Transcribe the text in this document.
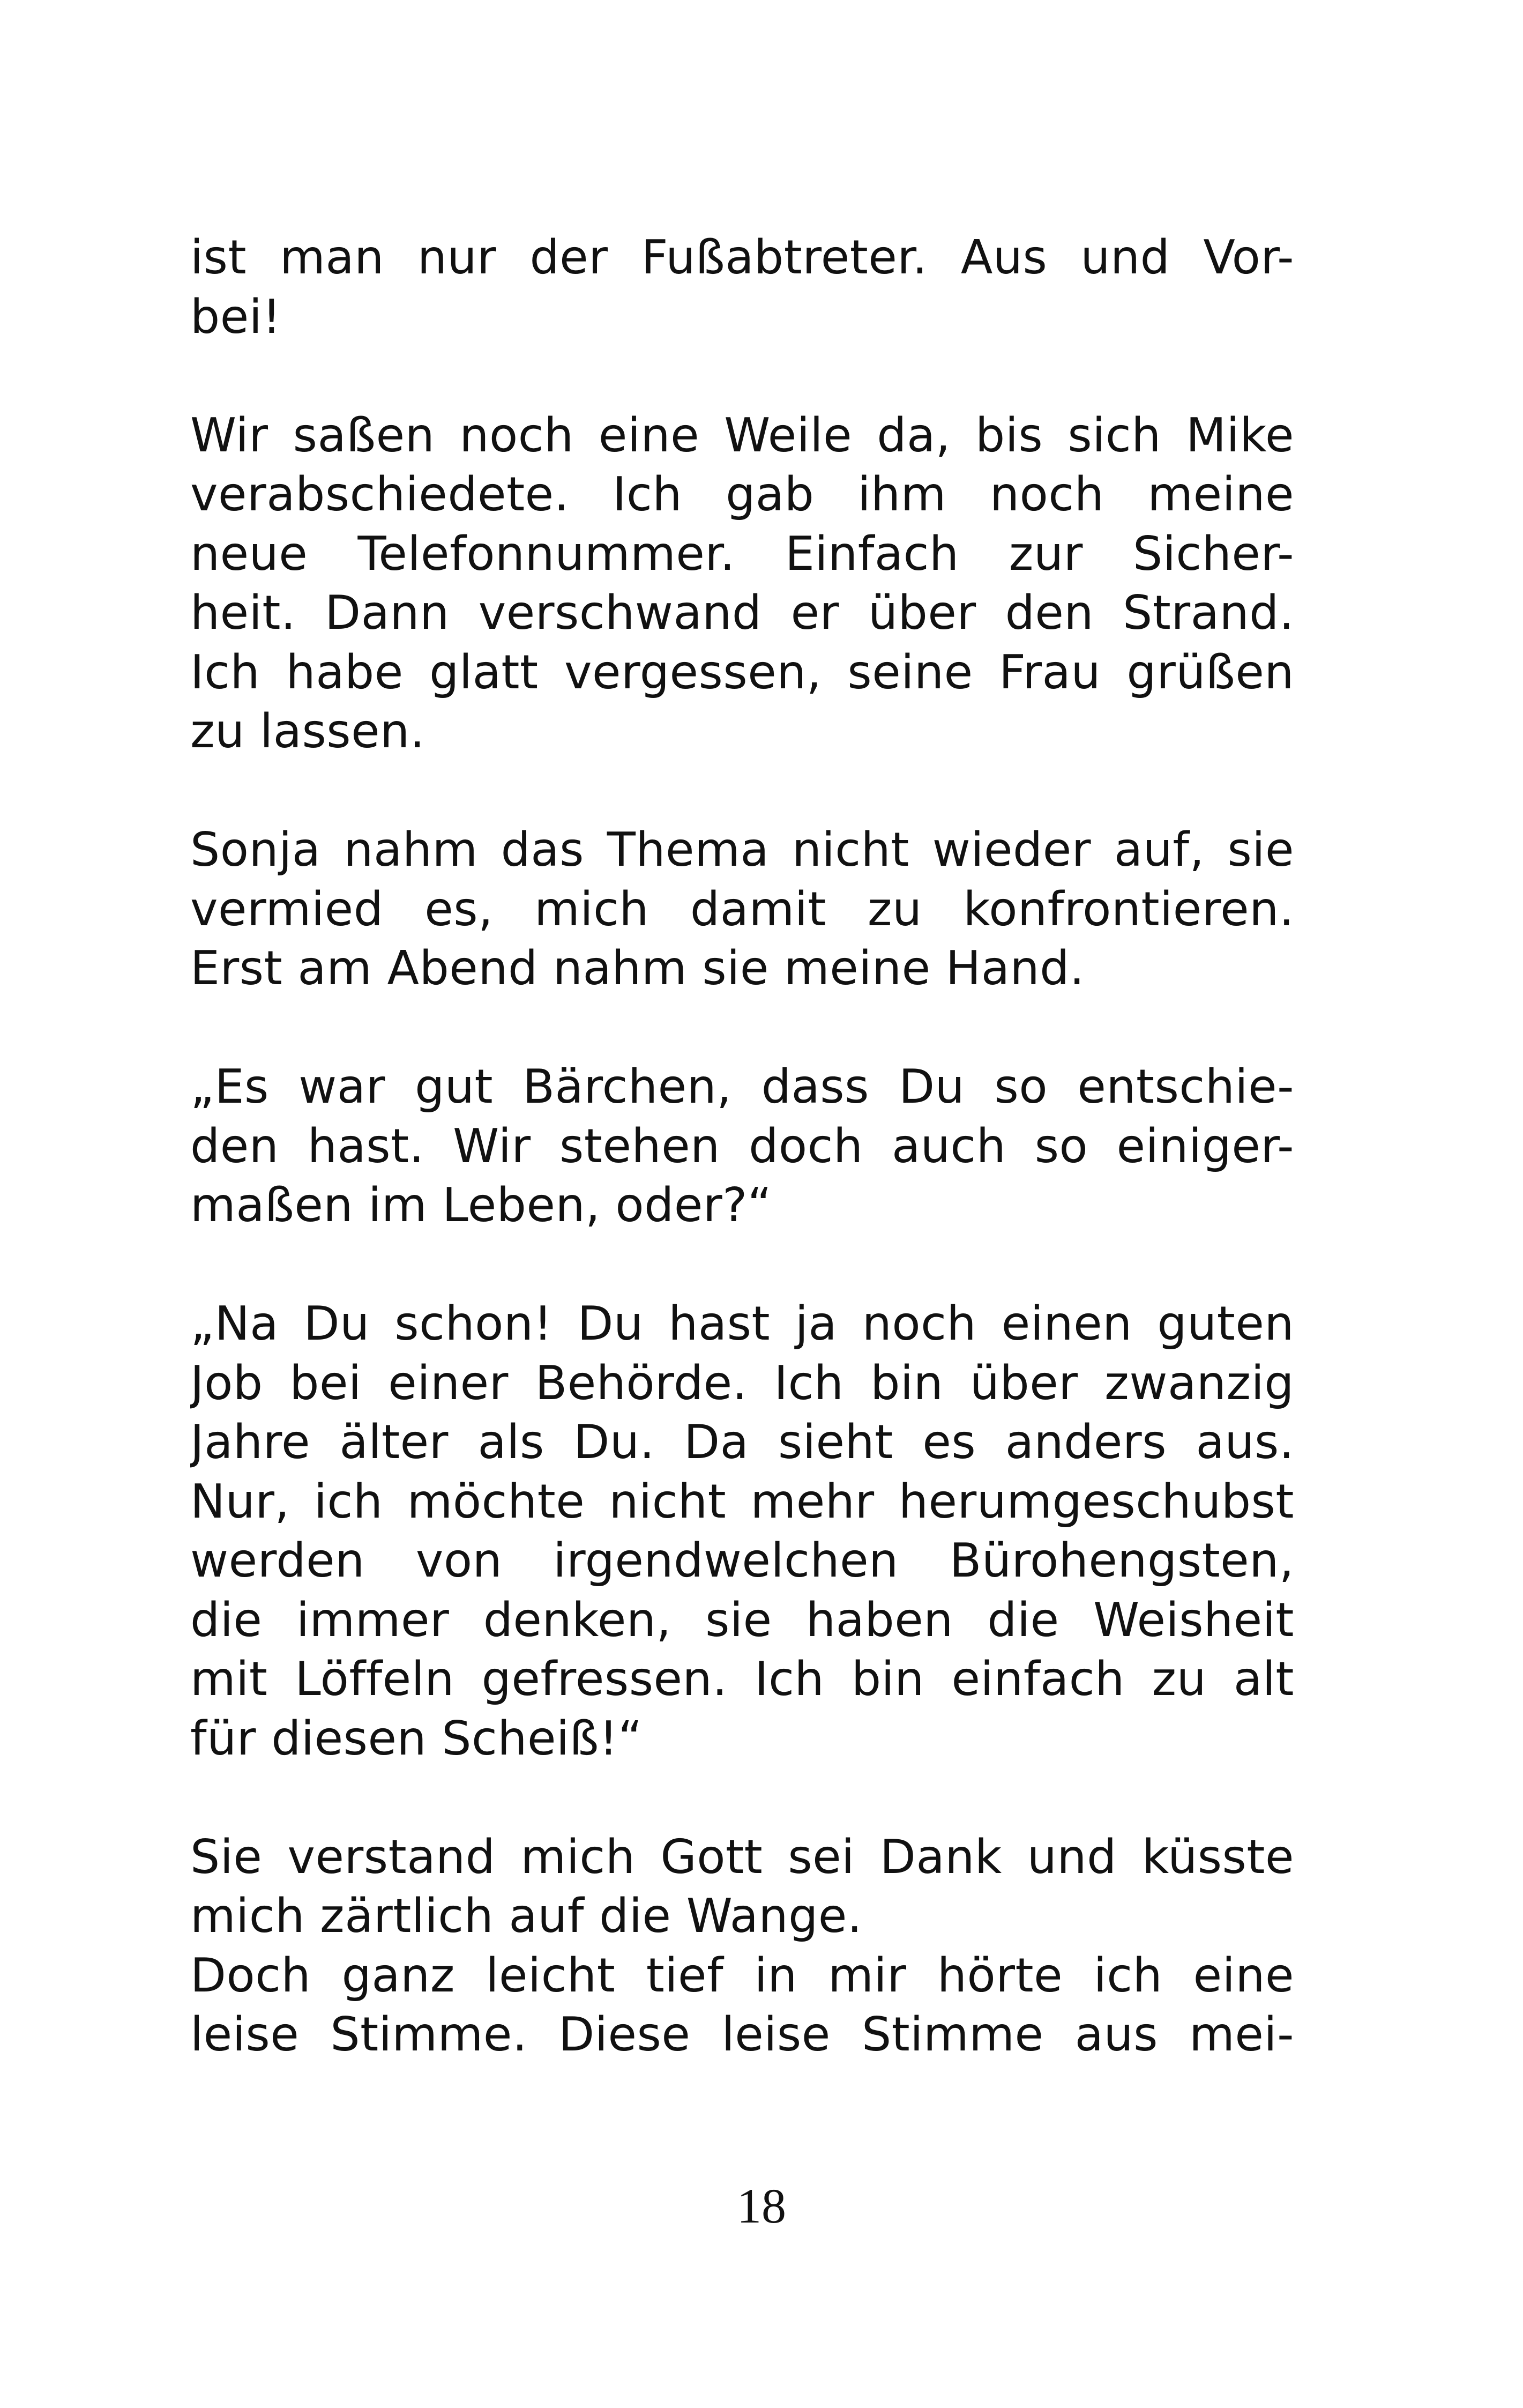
ist man nur der Fußabtreter. Aus und Vor-
bei!
Wir saßen noch eine Weile da, bis sich Mike
verabschiedete. Ich gab ihm noch meine
neue Telefonnummer. Einfach zur Sicher-
heit. Dann verschwand er über den Strand.
Ich habe glatt vergessen, seine Frau grüßen
zu lassen.
Sonja nahm das Thema nicht wieder auf, sie
vermied es, mich damit zu konfrontieren.
Erst am Abend nahm sie meine Hand.
„Es war gut Bärchen, dass Du so entschie-
den hast. Wir stehen doch auch so einiger-
maßen im Leben, oder?“
„Na Du schon! Du hast ja noch einen guten
Job bei einer Behörde. Ich bin über zwanzig
Jahre älter als Du. Da sieht es anders aus.
Nur, ich möchte nicht mehr herumgeschubst
werden von irgendwelchen Bürohengsten,
die immer denken, sie haben die Weisheit
mit Löffeln gefressen. Ich bin einfach zu alt
für diesen Scheiß!“
Sie verstand mich Gott sei Dank und küsste
mich zärtlich auf die Wange.
Doch ganz leicht tief in mir hörte ich eine
leise Stimme. Diese leise Stimme aus mei-
18
